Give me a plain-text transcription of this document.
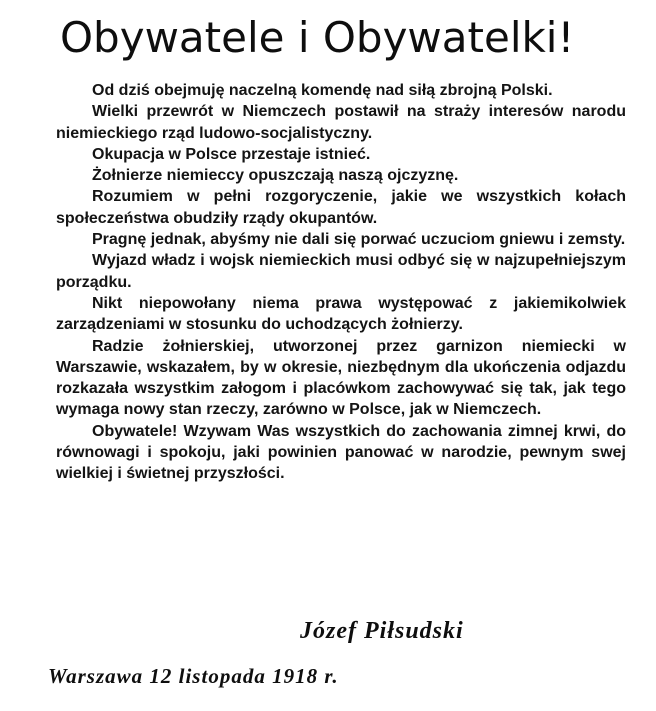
Obywatele i Obywatelki!

Od dziś obejmuję naczelną komendę nad siłą zbrojną Polski.

Wielki przewrót w Niemczech postawił na straży interesów narodu niemieckiego rząd ludowo-socjalistyczny.

Okupacja w Polsce przestaje istnieć.

Żołnierze niemieccy opuszczają naszą ojczyznę.

Rozumiem w pełni rozgoryczenie, jakie we wszystkich kołach społeczeństwa obudziły rządy okupantów.

Pragnę jednak, abyśmy nie dali się porwać uczuciom gniewu i zemsty.

Wyjazd władz i wojsk niemieckich musi odbyć się w najzupełniejszym porządku.

Nikt niepowołany niema prawa występować z jakiemikolwiek zarządzeniami w stosunku do uchodzących żołnierzy.

Radzie żołnierskiej, utworzonej przez garnizon niemiecki w Warszawie, wskazałem, by w okresie, niezbędnym dla ukończenia odjazdu rozkazała wszystkim załogom i placówkom zachowywać się tak, jak tego wymaga nowy stan rzeczy, zarówno w Polsce, jak w Niemczech.

Obywatele! Wzywam Was wszystkich do zachowania zimnej krwi, do równowagi i spokoju, jaki powinien panować w narodzie, pewnym swej wielkiej i świetnej przyszłości.

Józef Piłsudski
Warszawa 12 listopada 1918 r.
